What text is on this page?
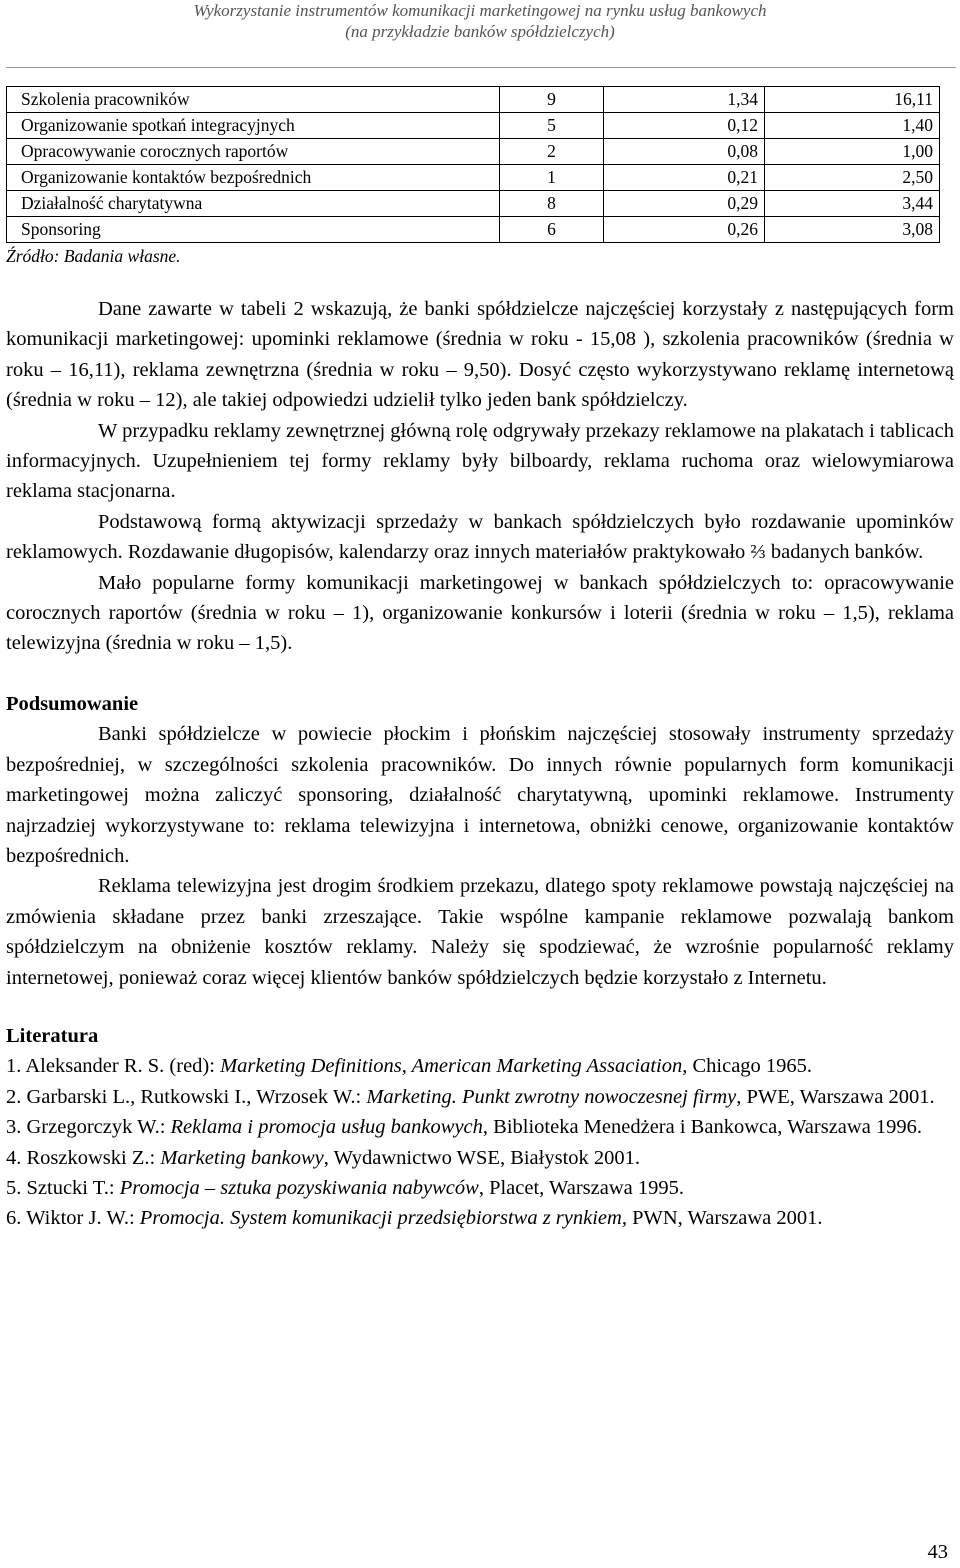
Wykorzystanie instrumentów komunikacji marketingowej na rynku usług bankowych
(na przykładzie banków spółdzielczych)
Szkolenia pracowników	9	1,34	16,11
Organizowanie spotkań integracyjnych	5	0,12	1,40
Opracowywanie corocznych raportów	2	0,08	1,00
Organizowanie kontaktów bezpośrednich	1	0,21	2,50
Działalność charytatywna	8	0,29	3,44
Sponsoring	6	0,26	3,08
Źródło: Badania własne.

Dane zawarte w tabeli 2 wskazują, że banki spółdzielcze najczęściej korzystały z następujących form komunikacji marketingowej: upominki reklamowe (średnia w roku - 15,08 ), szkolenia pracowników (średnia w roku – 16,11), reklama zewnętrzna (średnia w roku – 9,50). Dosyć często wykorzystywano reklamę internetową (średnia w roku – 12), ale takiej odpowiedzi udzielił tylko jeden bank spółdzielczy.

W przypadku reklamy zewnętrznej główną rolę odgrywały przekazy reklamowe na plakatach i tablicach informacyjnych. Uzupełnieniem tej formy reklamy były bilboardy, reklama ruchoma oraz wielowymiarowa reklama stacjonarna.

Podstawową formą aktywizacji sprzedaży w bankach spółdzielczych było rozdawanie upominków reklamowych. Rozdawanie długopisów, kalendarzy oraz innych materiałów praktykowało ⅔ badanych banków.

Mało popularne formy komunikacji marketingowej w bankach spółdzielczych to: opracowywanie corocznych raportów (średnia w roku – 1), organizowanie konkursów i loterii (średnia w roku – 1,5), reklama telewizyjna (średnia w roku – 1,5).

Podsumowanie

Banki spółdzielcze w powiecie płockim i płońskim najczęściej stosowały instrumenty sprzedaży bezpośredniej, w szczególności szkolenia pracowników. Do innych równie popularnych form komunikacji marketingowej można zaliczyć sponsoring, działalność charytatywną, upominki reklamowe. Instrumenty najrzadziej wykorzystywane to: reklama telewizyjna i internetowa, obniżki cenowe, organizowanie kontaktów bezpośrednich.

Reklama telewizyjna jest drogim środkiem przekazu, dlatego spoty reklamowe powstają najczęściej na zmówienia składane przez banki zrzeszające. Takie wspólne kampanie reklamowe pozwalają bankom spółdzielczym na obniżenie kosztów reklamy. Należy się spodziewać, że wzrośnie popularność reklamy internetowej, ponieważ coraz więcej klientów banków spółdzielczych będzie korzystało z Internetu.

Literatura
1. Aleksander R. S. (red): Marketing Definitions, American Marketing Assaciation, Chicago 1965.
2. Garbarski L., Rutkowski I., Wrzosek W.: Marketing. Punkt zwrotny nowoczesnej firmy, PWE, Warszawa 2001.
3. Grzegorczyk W.: Reklama i promocja usług bankowych, Biblioteka Menedżera i Bankowca, Warszawa 1996.
4. Roszkowski Z.: Marketing bankowy, Wydawnictwo WSE, Białystok 2001.
5. Sztucki T.: Promocja – sztuka pozyskiwania nabywców, Placet, Warszawa 1995.
6. Wiktor J. W.: Promocja. System komunikacji przedsiębiorstwa z rynkiem, PWN, Warszawa 2001.
43
